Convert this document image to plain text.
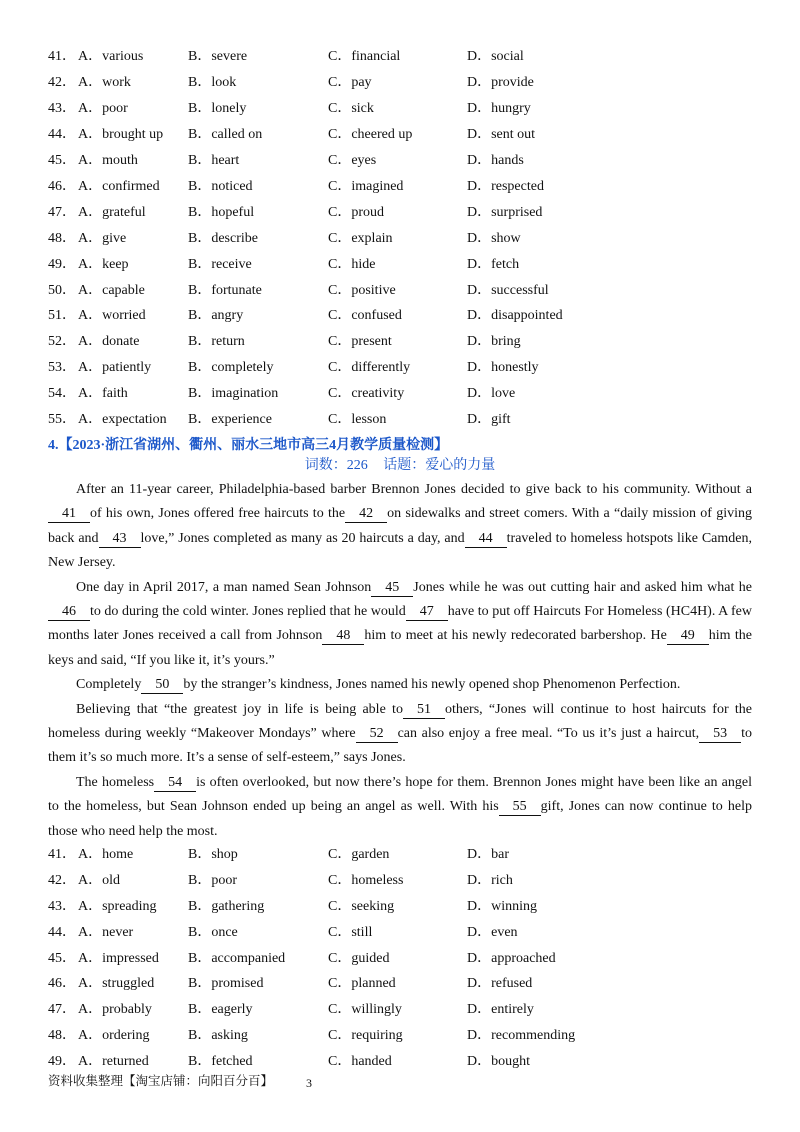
41． A．various	B．severe	C．financial	D．social
42． A．work	B．look	C．pay	D．provide
43． A．poor	B．lonely	C．sick	D．hungry
44． A．brought up B．called on	C．cheered up	D．sent out
45． A．mouth	B．heart	C．eyes	D．hands
46． A．confirmed B．noticed	C．imagined	D．respected
47． A．grateful	B．hopeful	C．proud	D．surprised
48． A．give	B．describe	C．explain	D．show
49． A．keep	B．receive	C．hide	D．fetch
50． A．capable	B．fortunate	C．positive	D．successful
51． A．worried	B．angry	C．confused	D．disappointed
52． A．donate	B．return	C．present	D．bring
53． A．patiently	B．completely	C．differently	D．honestly
54． A．faith	B．imagination	C．creativity	D．love
55． A．expectation B．experience	C．lesson	D．gift
4.【2023·浙江省湖州、衢州、丽水三地市高三4月教学质量检测】
词数：226 话题：爱心的力量

After an 11-year career, Philadelphia-based barber Brennon Jones decided to give back to his community. Without a41 of his own, Jones offered free haircuts to the 42 on sidewalks and street comers. With a “daily mission of giving back and 43 love,” Jones completed as many as 20 haircuts a day, and 44 traveled to homeless hotspots like Camden, New Jersey.

One day in April 2017, a man named Sean Johnson 45 Jones while he was out cutting hair and asked him what he46 to do during the cold winter. Jones replied that he would 47 have to put off Haircuts For Homeless (HC4H). A few months later Jones received a call from Johnson 48 him to meet at his newly redecorated barbershop. He 49 him the keys and said, “If you like it, it’s yours.”

Completely 50 by the stranger’s kindness, Jones named his newly opened shop Phenomenon Perfection.

Believing that “the greatest joy in life is being able to 51 others, “Jones will continue to host haircuts for the homeless during weekly “Makeover Mondays” where 52 can also enjoy a free meal. “To us it’s just a haircut, 53 to them it’s so much more. It’s a sense of self-esteem,” says Jones.

The homeless 54 is often overlooked, but now there’s hope for them. Brennon Jones might have been like an angel to the homeless, but Sean Johnson ended up being an angel as well. With his 55 gift, Jones can now continue to help those who need help the most.

41． A．home	B．shop	C．garden	D．bar
42． A．old	B．poor	C．homeless	D．rich
43． A．spreading B．gathering	C．seeking	D．winning
44． A．never	B．once	C．still	D．even
45． A．impressed B．accompanied	C．guided	D．approached
46． A．struggled B．promised	C．planned	D．refused
47． A．probably	B．eagerly	C．willingly	D．entirely
48． A．ordering	B．asking	C．requiring	D．recommending
49． A．returned	B．fetched	C．handed	D．bought
资料收集整理【淘宝店铺：向阳百分百】	3
